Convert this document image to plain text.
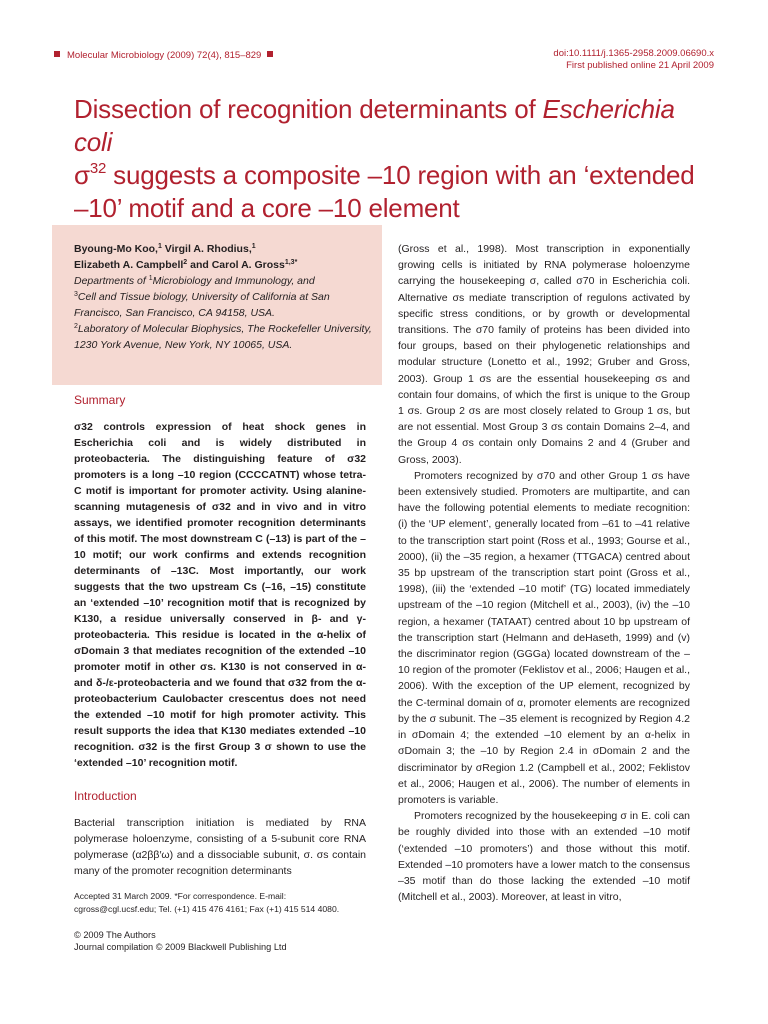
Molecular Microbiology (2009) 72(4), 815–829	doi:10.1111/j.1365-2958.2009.06690.x
First published online 21 April 2009
Dissection of recognition determinants of Escherichia coli
$\sigma^{32}$ suggests a composite –10 region with an ‘extended –10’ motif and a core –10 element
Byoung-Mo Koo,$^1$ Virgil A. Rhodius,$^1$
Elizabeth A. Campbell$^2$ and Carol A. Gross$^{1,3*}$
Departments of $^1$Microbiology and Immunology, and
$^3$Cell and Tissue biology, University of California at San Francisco, San Francisco, CA 94158, USA.
$^2$Laboratory of Molecular Biophysics, The Rockefeller University, 1230 York Avenue, New York, NY 10065, USA.
Summary

σ32 controls expression of heat shock genes in Escherichia coli and is widely distributed in proteobacteria. The distinguishing feature of σ32 promoters is a long –10 region (CCCCATNT) whose tetra-C motif is important for promoter activity. Using alanine-scanning mutagenesis of σ32 and in vivo and in vitro assays, we identified promoter recognition determinants of this motif. The most downstream C (–13) is part of the –10 motif; our work confirms and extends recognition determinants of –13C. Most importantly, our work suggests that the two upstream Cs (–16, –15) constitute an ‘extended –10’ recognition motif that is recognized by K130, a residue universally conserved in β- and γ-proteobacteria. This residue is located in the α-helix of σDomain 3 that mediates recognition of the extended –10 promoter motif in other σs. K130 is not conserved in α- and δ-/ε-proteobacteria and we found that σ32 from the α-proteobacterium Caulobacter crescentus does not need the extended –10 motif for high promoter activity. This result supports the idea that K130 mediates extended –10 recognition. σ32 is the first Group 3 σ shown to use the ‘extended –10’ recognition motif.

Introduction

Bacterial transcription initiation is mediated by RNA polymerase holoenzyme, consisting of a 5-subunit core RNA polymerase (α2ββ′ω) and a dissociable subunit, σ. σs contain many of the promoter recognition determinants

Accepted 31 March 2009. *For correspondence. E-mail: cgross@cgl.ucsf.edu; Tel. (+1) 415 476 4161; Fax (+1) 415 514 4080.
© 2009 The Authors
Journal compilation © 2009 Blackwell Publishing Ltd

(Gross et al., 1998). Most transcription in exponentially growing cells is initiated by RNA polymerase holoenzyme carrying the housekeeping σ, called σ70 in Escherichia coli. Alternative σs mediate transcription of regulons activated by specific stress conditions, or by growth or developmental transitions. The σ70 family of proteins has been divided into four groups, based on their phylogenetic relationships and modular structure (Lonetto et al., 1992; Gruber and Gross, 2003). Group 1 σs are the essential housekeeping σs and contain four domains, of which the first is unique to the Group 1 σs. Group 2 σs are most closely related to Group 1 σs, but are not essential. Most Group 3 σs contain Domains 2–4, and the Group 4 σs contain only Domains 2 and 4 (Gruber and Gross, 2003).

Promoters recognized by σ70 and other Group 1 σs have been extensively studied. Promoters are multipartite, and can have the following potential elements to mediate recognition: (i) the ‘UP element’, generally located from –61 to –41 relative to the transcription start point (Ross et al., 1993; Gourse et al., 2000), (ii) the –35 region, a hexamer (TTGACA) centred about 35 bp upstream of the transcription start point (Gross et al., 1998), (iii) the ‘extended –10 motif’ (TG) located immediately upstream of the –10 region (Mitchell et al., 2003), (iv) the –10 region, a hexamer (TATAAT) centred about 10 bp upstream of the transcription start (Helmann and deHaseth, 1999) and (v) the discriminator region (GGGa) located downstream of the –10 region of the promoter (Feklistov et al., 2006; Haugen et al., 2006). With the exception of the UP element, recognized by the C-terminal domain of α, promoter elements are recognized by the σ subunit. The –35 element is recognized by Region 4.2 in σDomain 4; the extended –10 element by an α-helix in σDomain 3; the –10 by Region 2.4 in σDomain 2 and the discriminator by σRegion 1.2 (Campbell et al., 2002; Feklistov et al., 2006; Haugen et al., 2006). The number of elements in promoters is variable.

Promoters recognized by the housekeeping σ in E. coli can be roughly divided into those with an extended –10 motif (‘extended –10 promoters’) and those without this motif. Extended –10 promoters have a lower match to the consensus –35 motif than do those lacking the extended –10 motif (Mitchell et al., 2003). Moreover, at least in vitro,
